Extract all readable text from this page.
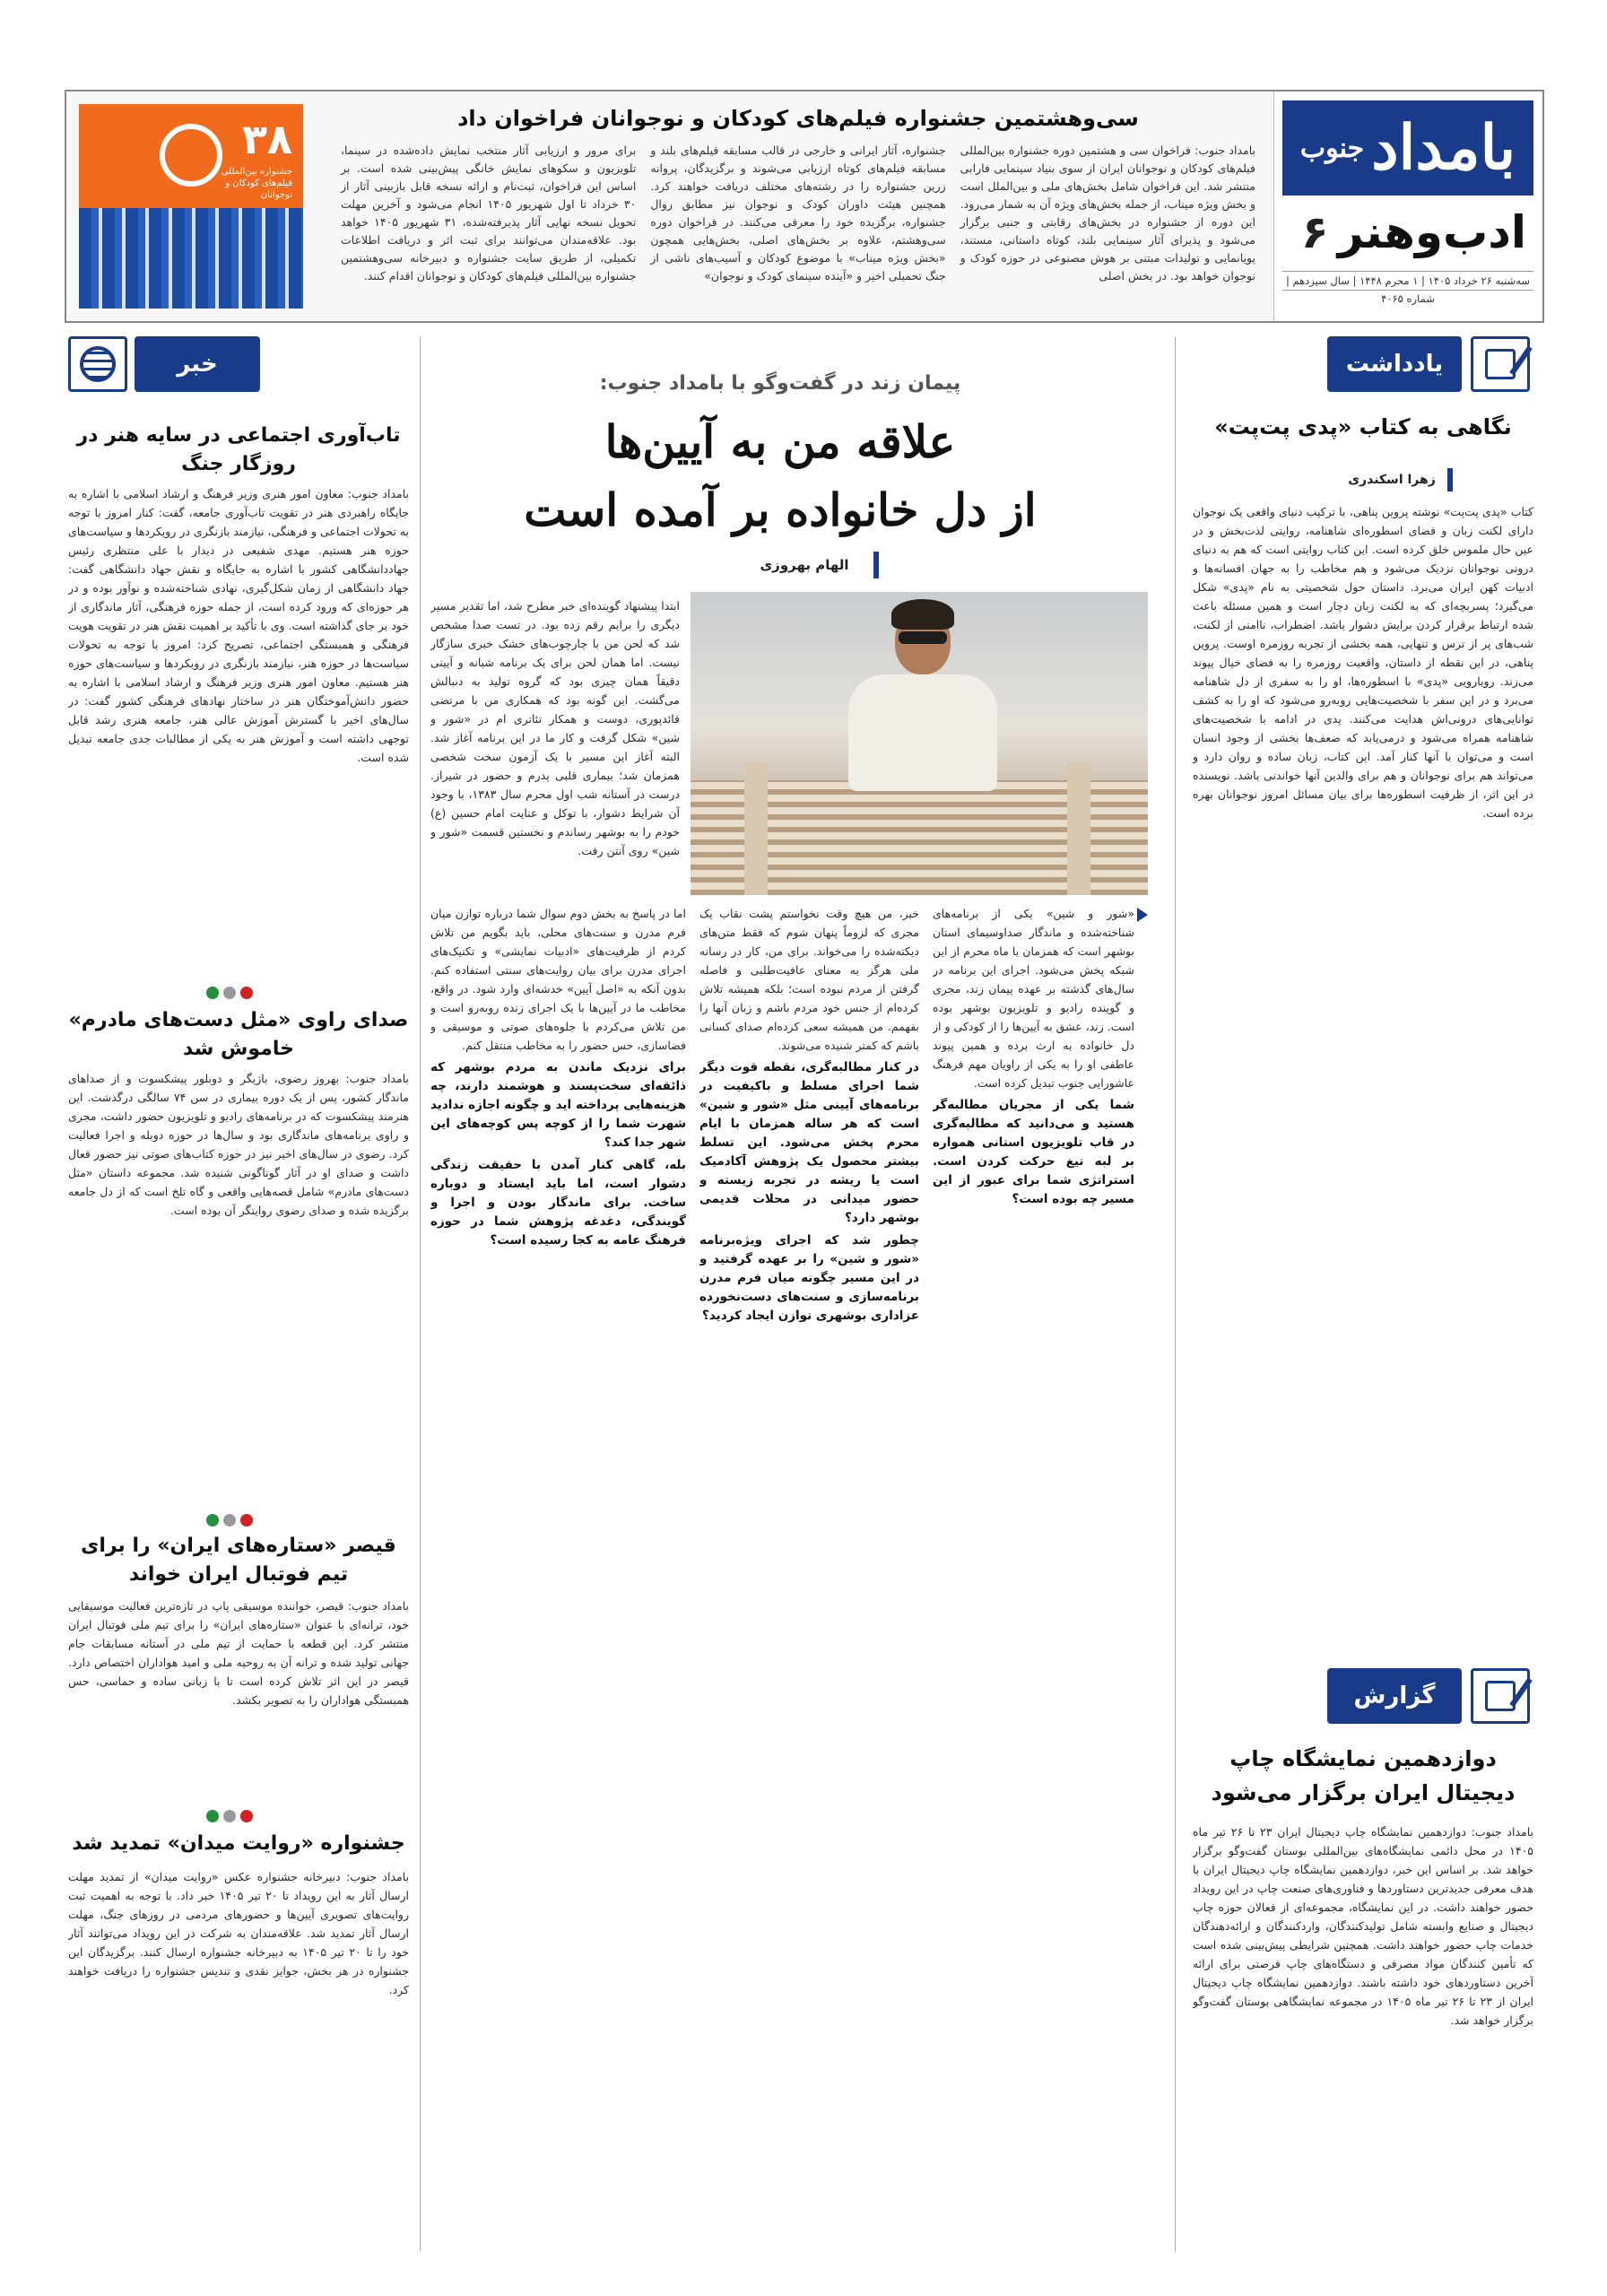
بامداد
جنوب
ادب‌وهنر
۶
سه‌شنبه ۲۶ خرداد ۱۴۰۵ | ۱ محرم ۱۴۴۸ | سال سیزدهم | شماره ۴۰۶۵
سی‌وهشتمین جشنواره فیلم‌های کودکان و نوجوانان فراخوان داد

بامداد جنوب: فراخوان سی و هشتمین دوره جشنواره بین‌المللی فیلم‌های کودکان و نوجوانان ایران از سوی بنیاد سینمایی فارابی منتشر شد. این فراخوان شامل بخش‌های ملی و بین‌الملل است و بخش ویژه میناب، از جمله بخش‌های ویژه آن به شمار می‌رود. این دوره از جشنواره در بخش‌های رقابتی و جنبی برگزار می‌شود و پذیرای آثار سینمایی بلند، کوتاه داستانی، مستند، پویانمایی و تولیدات مبتنی بر هوش مصنوعی در حوزه کودک و نوجوان خواهد بود. در بخش اصلی

جشنواره، آثار ایرانی و خارجی در قالب مسابقه فیلم‌های بلند و مسابقه فیلم‌های کوتاه ارزیابی می‌شوند و برگزیدگان، پروانه زرین جشنواره را در رشته‌های مختلف دریافت خواهند کرد. همچنین هیئت داوران کودک و نوجوان نیز مطابق روال جشنواره، برگزیده خود را معرفی می‌کنند. در فراخوان دوره سی‌وهشتم، علاوه بر بخش‌های اصلی، بخش‌هایی همچون «بخش ویژه میناب» با موضوع کودکان و آسیب‌های ناشی از جنگ تحمیلی اخیر و «آینده سینمای کودک و نوجوان»

برای مرور و ارزیابی آثار منتخب نمایش داده‌شده در سینما، تلویزیون و سکوهای نمایش خانگی پیش‌بینی شده است. بر اساس این فراخوان، ثبت‌نام و ارائه نسخه قابل بازبینی آثار از ۳۰ خرداد تا اول شهریور ۱۴۰۵ انجام می‌شود و آخرین مهلت تحویل نسخه نهایی آثار پذیرفته‌شده، ۳۱ شهریور ۱۴۰۵ خواهد بود. علاقه‌مندان می‌توانند برای ثبت اثر و دریافت اطلاعات تکمیلی، از طریق سایت جشنواره و دبیرخانه سی‌وهشتمین جشنواره بین‌المللی فیلم‌های کودکان و نوجوانان اقدام کنند.

۳۸
جشنواره بین‌المللی فیلم‌های کودکان و نوجوانان
خبر
تاب‌آوری اجتماعی در سایه هنر در روزگار جنگ

بامداد جنوب: معاون امور هنری وزیر فرهنگ و ارشاد اسلامی با اشاره به جایگاه راهبردی هنر در تقویت تاب‌آوری جامعه، گفت: کنار امروز با توجه به تحولات اجتماعی و فرهنگی، نیازمند بازنگری در رویکردها و سیاست‌های حوزه هنر هستیم. مهدی شفیعی در دیدار با علی منتظری رئیس جهاددانشگاهی کشور با اشاره به جایگاه و نقش جهاد دانشگاهی گفت: جهاد دانشگاهی از زمان شکل‌گیری، نهادی شناخته‌شده و نوآور بوده و در هر حوزه‌ای که ورود کرده است، از جمله حوزه فرهنگی، آثار ماندگاری از خود بر جای گذاشته است. وی با تأکید بر اهمیت نقش هنر در تقویت هویت فرهنگی و همبستگی اجتماعی، تصریح کرد: امروز با توجه به تحولات سیاست‌ها در حوزه هنر، نیازمند بازنگری در رویکردها و سیاست‌های حوزه هنر هستیم. معاون امور هنری وزیر فرهنگ و ارشاد اسلامی با اشاره به حضور دانش‌آموختگان هنر در ساختار نهادهای فرهنگی کشور گفت: در سال‌های اخیر با گسترش آموزش عالی هنر، جامعه هنری رشد قابل توجهی داشته است و آموزش هنر به یکی از مطالبات جدی جامعه تبدیل شده است.

صدای راوی «مثل دست‌های مادرم» خاموش شد

بامداد جنوب: بهروز رضوی، بازیگر و دوبلور پیشکسوت و از صداهای ماندگار کشور، پس از یک دوره بیماری در سن ۷۴ سالگی درگذشت. این هنرمند پیشکسوت که در برنامه‌های رادیو و تلویزیون حضور داشت، مجری و راوی برنامه‌های ماندگاری بود و سال‌ها در حوزه دوبله و اجرا فعالیت کرد. رضوی در سال‌های اخیر نیز در حوزه کتاب‌های صوتی نیز حضور فعال داشت و صدای او در آثار گوناگونی شنیده شد. مجموعه داستان «مثل دست‌های مادرم» شامل قصه‌هایی واقعی و گاه تلخ است که از دل جامعه برگزیده شده و صدای رضوی روایتگر آن بوده است.

قیصر «ستاره‌های ایران» را برای تیم فوتبال ایران خواند

بامداد جنوب: قیصر، خواننده موسیقی پاپ در تازه‌ترین فعالیت موسیقایی خود، ترانه‌ای با عنوان «ستاره‌های ایران» را برای تیم ملی فوتبال ایران منتشر کرد. این قطعه با حمایت از تیم ملی در آستانه مسابقات جام جهانی تولید شده و ترانه آن به روحیه ملی و امید هواداران اختصاص دارد. قیصر در این اثر تلاش کرده است تا با زبانی ساده و حماسی، حس همبستگی هواداران را به تصویر بکشد.

جشنواره «روایت میدان» تمدید شد

بامداد جنوب: دبیرخانه جشنواره عکس «روایت میدان» از تمدید مهلت ارسال آثار به این رویداد تا ۲۰ تیر ۱۴۰۵ خبر داد. با توجه به اهمیت ثبت روایت‌های تصویری آیین‌ها و حضورهای مردمی در روزهای جنگ، مهلت ارسال آثار تمدید شد. علاقه‌مندان به شرکت در این رویداد می‌توانند آثار خود را تا ۲۰ تیر ۱۴۰۵ به دبیرخانه جشنواره ارسال کنند. برگزیدگان این جشنواره در هر بخش، جوایز نقدی و تندیس جشنواره را دریافت خواهند کرد.

پیمان زند در گفت‌وگو با بامداد جنوب:
علاقه من به آیین‌ها
از دل خانواده بر آمده است
الهام بهروزی

ابتدا پیشنهاد گوینده‌ای خبر مطرح شد، اما تقدیر مسیر دیگری را برایم رقم زده بود. در تست صدا مشخص شد که لحن من با چارچوب‌های خشک خبری سازگار نیست. اما همان لحن برای یک برنامه شبانه و آیینی دقیقاً همان چیزی بود که گروه تولید به دنبالش می‌گشت. این گونه بود که همکاری من با مرتضی قائدپوری، دوست و همکار تئاتری ام در «شور و شین» شکل گرفت و کار ما در این برنامه آغاز شد. البته آغاز این مسیر با یک آزمون سخت شخصی همزمان شد؛ بیماری قلبی پدرم و حضور در شیراز. درست در آستانه شب اول محرم سال ۱۳۸۳، با وجود آن شرایط دشوار، با توکل و عنایت امام حسین (ع) خودم را به بوشهر رساندم و نخستین قسمت «شور و شین» روی آنتن رفت.

«شور و شین» یکی از برنامه‌های شناخته‌شده و ماندگار صداوسیمای استان بوشهر است که همزمان با ماه محرم از این شبکه پخش می‌شود. اجرای این برنامه در سال‌های گذشته بر عهده پیمان زند، مجری و گوینده رادیو و تلویزیون بوشهر بوده است. زند، عشق به آیین‌ها را از کودکی و از دل خانواده به ارث برده و همین پیوند عاطفی او را به یکی از راویان مهم فرهنگ عاشورایی جنوب تبدیل کرده است.

شما یکی از مجریان مطالبه‌گر هستید و می‌دانید که مطالبه‌گری در قاب تلویزیون استانی همواره بر لبه تیغ حرکت کردن است. استراتژی شما برای عبور از این مسیر چه بوده است؟

خبر، من هیچ وقت نخواستم پشت نقاب یک مجری که لزوماً پنهان شوم که فقط متن‌های دیکته‌شده را می‌خواند. برای من، کار در رسانه ملی هرگز به معنای عافیت‌طلبی و فاصله گرفتن از مردم نبوده است؛ بلکه همیشه تلاش کرده‌ام از جنس خود مردم باشم و زبان آنها را بفهمم. من همیشه سعی کرده‌ام صدای کسانی باشم که کمتر شنیده می‌شوند.

در کنار مطالبه‌گری، نقطه قوت دیگر شما اجرای مسلط و باکیفیت در برنامه‌های آیینی مثل «شور و شین» است که هر ساله همزمان با ایام محرم پخش می‌شود. این تسلط بیشتر محصول یک پژوهش آکادمیک است یا ریشه در تجربه زیسته و حضور میدانی در محلات قدیمی بوشهر دارد؟

چطور شد که اجرای ویژه‌برنامه «شور و شین» را بر عهده گرفتید و در این مسیر چگونه میان فرم مدرن برنامه‌سازی و سنت‌های دست‌نخورده عزاداری بوشهری توازن ایجاد کردید؟

اما در پاسخ به بخش دوم سوال شما درباره توازن میان فرم مدرن و سنت‌های محلی، باید بگویم من تلاش کردم از ظرفیت‌های «ادبیات نمایشی» و تکنیک‌های اجرای مدرن برای بیان روایت‌های سنتی استفاده کنم. بدون آنکه به «اصل آیین» خدشه‌ای وارد شود. در واقع، مخاطب ما در آیین‌ها با یک اجرای زنده روبه‌رو است و من تلاش می‌کردم با جلوه‌های صوتی و موسیقی و فضاسازی، حس حضور را به مخاطب منتقل کنم.

برای نزدیک ماندن به مردم بوشهر که ذائقه‌ای سخت‌پسند و هوشمند دارند، چه هزینه‌هایی پرداخته اید و چگونه اجازه ندادید شهرت شما را از کوچه پس کوچه‌های این شهر جدا کند؟

بله، گاهی کنار آمدن با حقیقت زندگی دشوار است، اما باید ایستاد و دوباره ساخت. برای ماندگار بودن و اجرا و گویندگی، دغدغه پژوهش شما در حوزه فرهنگ عامه به کجا رسیده است؟

یادداشت
نگاهی به کتاب «پدی پت‌پت»
زهرا اسکندری

کتاب «پدی پت‌پت» نوشته پروین پناهی، با ترکیب دنیای واقعی یک نوجوان دارای لکنت زبان و فضای اسطوره‌ای شاهنامه، روایتی لذت‌بخش و در عین حال ملموس خلق کرده است. این کتاب روایتی است که هم به دنیای درونی نوجوانان نزدیک می‌شود و هم مخاطب را به جهان افسانه‌ها و ادبیات کهن ایران می‌برد. داستان حول شخصیتی به نام «پدی» شکل می‌گیرد؛ پسربچه‌ای که به لکنت زبان دچار است و همین مسئله باعث شده ارتباط برقرار کردن برایش دشوار باشد. اضطراب، ناامنی از لکنت، شب‌های پر از ترس و تنهایی، همه بخشی از تجربه روزمره اوست. پروین پناهی، در این نقطه از داستان، واقعیت روزمره را به فضای خیال پیوند می‌زند. رویارویی «پدی» با اسطوره‌ها، او را به سفری از دل شاهنامه می‌برد و در این سفر با شخصیت‌هایی روبه‌رو می‌شود که او را به کشف توانایی‌های درونی‌اش هدایت می‌کنند. پدی در ادامه با شخصیت‌های شاهنامه همراه می‌شود و درمی‌یابد که ضعف‌ها بخشی از وجود انسان است و می‌توان با آنها کنار آمد. این کتاب، زبان ساده و روان دارد و می‌تواند هم برای نوجوانان و هم برای والدین آنها خواندنی باشد. نویسنده در این اثر، از ظرفیت اسطوره‌ها برای بیان مسائل امروز نوجوانان بهره برده است.

گزارش
دوازدهمین نمایشگاه چاپ دیجیتال ایران برگزار می‌شود

بامداد جنوب: دوازدهمین نمایشگاه چاپ دیجیتال ایران ۲۳ تا ۲۶ تیر ماه ۱۴۰۵ در محل دائمی نمایشگاه‌های بین‌المللی بوستان گفت‌وگو برگزار خواهد شد. بر اساس این خبر، دوازدهمین نمایشگاه چاپ دیجیتال ایران با هدف معرفی جدیدترین دستاوردها و فناوری‌های صنعت چاپ در این رویداد حضور خواهند داشت. در این نمایشگاه، مجموعه‌ای از فعالان حوزه چاپ دیجیتال و صنایع وابسته شامل تولیدکنندگان، واردکنندگان و ارائه‌دهندگان خدمات چاپ حضور خواهند داشت. همچنین شرایطی پیش‌بینی شده است که تأمین کنندگان مواد مصرفی و دستگاه‌های چاپ فرصتی برای ارائه آخرین دستاوردهای خود داشته باشند. دوازدهمین نمایشگاه چاپ دیجیتال ایران از ۲۳ تا ۲۶ تیر ماه ۱۴۰۵ در مجموعه نمایشگاهی بوستان گفت‌وگو برگزار خواهد شد.
